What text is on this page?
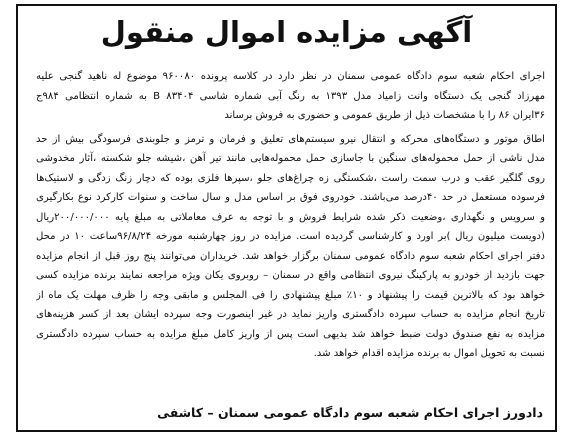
آگهی مزایده اموال منقول
اجرای احکام شعبه سوم دادگاه عمومی سمنان در نظر دارد در کلاسه پرونده ۹۶۰۰۸۰ موضوع له ناهید گنجی علیه
مهرزاد گنجی یک دستگاه وانت زامیاد مدل ۱۳۹۳ به رنگ آبی شماره شاسی ۸۳۴۰۴ B به شماره انتظامی ۹۸۴ج
۳۶ایران ۸۶ را با مشخصات ذیل از طریق عمومی و حضوری به فروش برساند
اطاق موتور و دستگاه‌های محرکه و انتقال نیرو سیستم‌های تعلیق و فرمان و ترمز و جلوبندی فرسودگی بیش از حد
مدل ناشی از حمل محموله‌های سنگین با جاسازی حمل محموله‌هایی مانند تیر آهن ،شیشه جلو شکسته ،آثار مخدوشی
روی گلگیر عقب و درب سمت راست ،شکستگی زه چراغ‌های جلو ،سپرها فلزی بوده که دچار زنگ زدگی و لاستیک‌ها
فرسوده مستعمل در حد ۴۰درصد می‌باشند. خودروی فوق بر اساس مدل و سال ساخت و سنوات کارکرد نوع بکارگیری
و سرویس و نگهداری ،وضعیت ذکر شده شرایط فروش و با توجه به عرف معاملاتی به مبلغ پایه ۲۰۰/۰۰۰/۰۰۰ریال
(دویست میلیون ریال )بر اورد و کارشناسی گردیده است. مزایده در روز چهارشنبه مورخه ۹۶/۸/۲۴ساعت ۱۰ در محل
دفتر اجرای احکام شعبه سوم دادگاه عمومی سمنان برگزار خواهد شد. خریداران می‌توانند پنج روز قبل از انجام مزایده
جهت بازدید از خودرو به پارکینگ نیروی انتظامی واقع در سمنان – روبروی یکان ویژه مراجعه نمایند برنده مزایده کسی
خواهد بود که بالاترین قیمت را پیشنهاد و ۱۰٪ مبلغ پیشنهادی را فی المجلس و مابقی وجه را ظرف مهلت یک ماه از
تاریخ انجام مزایده به حساب سپرده دادگستری واریز نماید در غیر اینصورت وجه سپرده ایشان بعد از کسر هزینه‌های
مزایده به نفع صندوق دولت ضبط خواهد شد بدیهی است پس از واریز کامل مبلغ مزایده به حساب سپرده دادگستری
نسبت به تحویل اموال به برنده مزایده اقدام خواهد شد.
دادورز اجرای احکام شعبه سوم دادگاه عمومی سمنان – کاشفی
